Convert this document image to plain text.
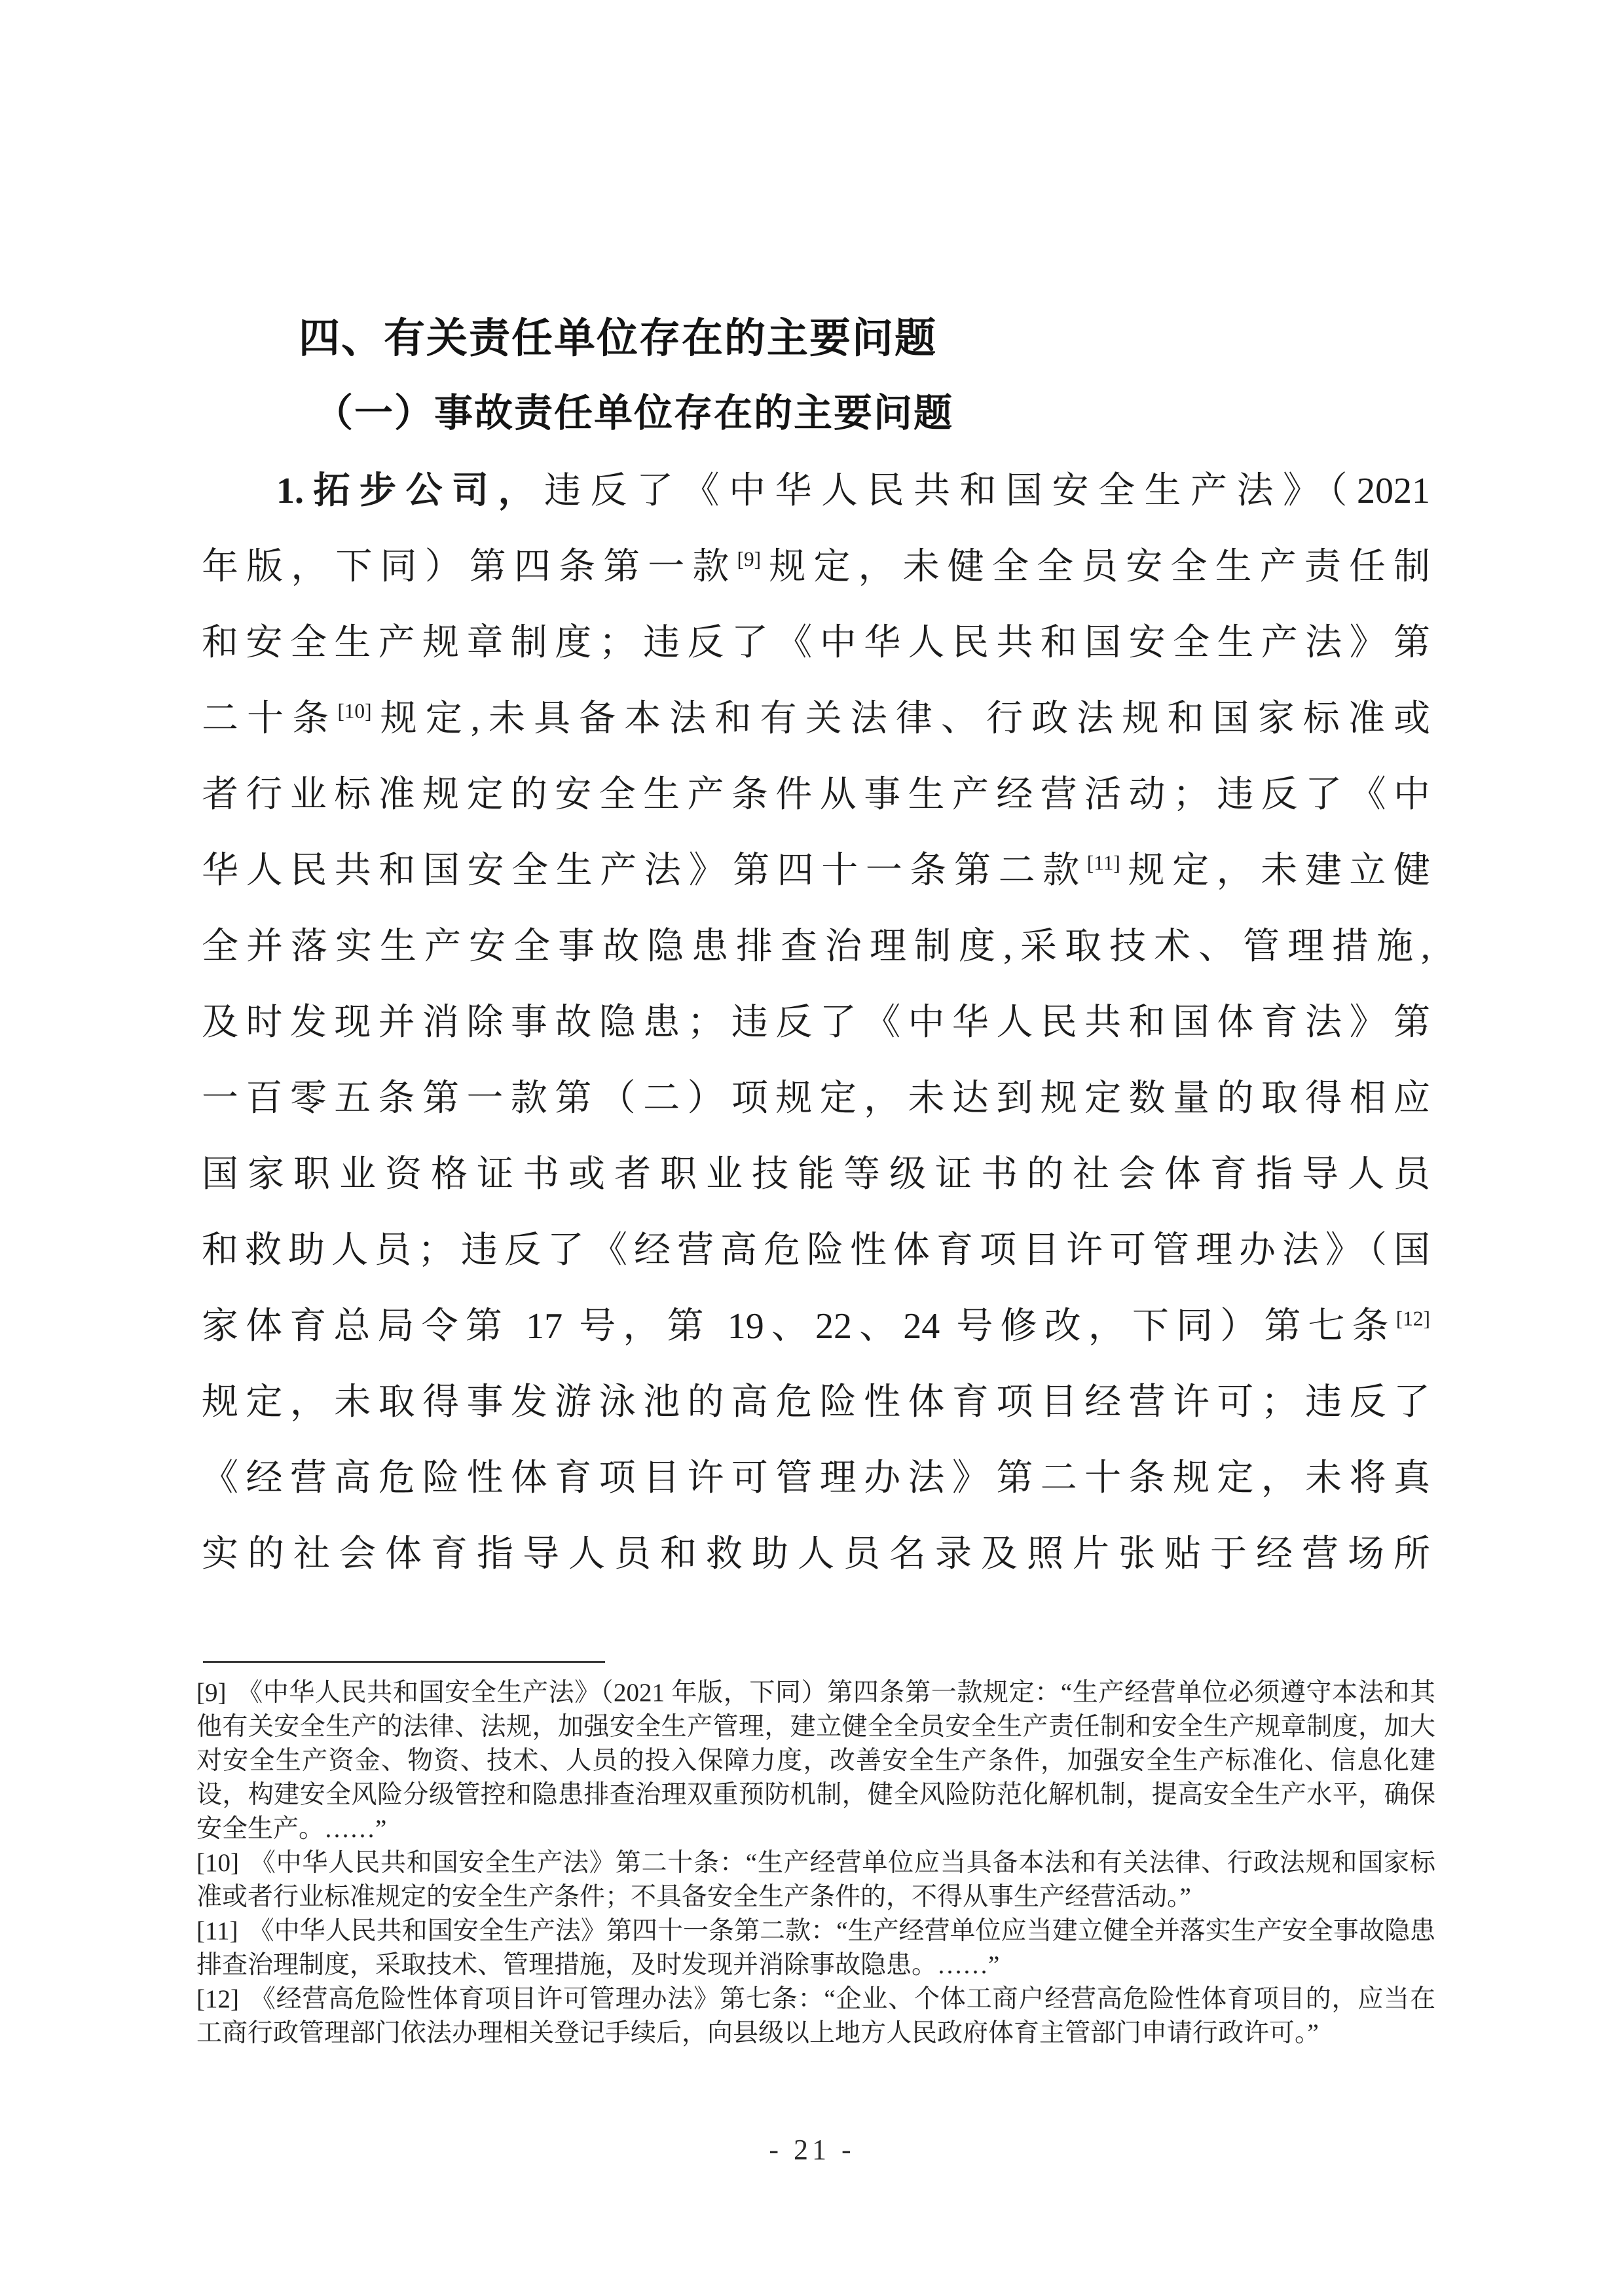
四、有关责任单位存在的主要问题
（一）事故责任单位存在的主要问题
1.拓步公司，违反了《中华人民共和国安全生产法》（2021
年版，下同）第四条第一款[9]规定，未健全全员安全生产责任制
和安全生产规章制度；违反了《中华人民共和国安全生产法》第
二十条[10]规定,未具备本法和有关法律、行政法规和国家标准或
者行业标准规定的安全生产条件从事生产经营活动；违反了《中
华人民共和国安全生产法》第四十一条第二款[11]规定，未建立健
全并落实生产安全事故隐患排查治理制度,采取技术、管理措施,
及时发现并消除事故隐患；违反了《中华人民共和国体育法》第
一百零五条第一款第（二）项规定，未达到规定数量的取得相应
国家职业资格证书或者职业技能等级证书的社会体育指导人员
和救助人员；违反了《经营高危险性体育项目许可管理办法》（国
家体育总局令第 17 号，第 19、22、24 号修改，下同）第七条[12]
规定，未取得事发游泳池的高危险性体育项目经营许可；违反了
《经营高危险性体育项目许可管理办法》第二十条规定，未将真
实的社会体育指导人员和救助人员名录及照片张贴于经营场所

[9] 《中华人民共和国安全生产法》（2021 年版，下同）第四条第一款规定：“生产经营单位必须遵守本法和其他有关安全生产的法律、法规，加强安全生产管理，建立健全全员安全生产责任制和安全生产规章制度，加大对安全生产资金、物资、技术、人员的投入保障力度，改善安全生产条件，加强安全生产标准化、信息化建设，构建安全风险分级管控和隐患排查治理双重预防机制，健全风险防范化解机制，提高安全生产水平，确保安全生产。……”

[10] 《中华人民共和国安全生产法》第二十条：“生产经营单位应当具备本法和有关法律、行政法规和国家标准或者行业标准规定的安全生产条件；不具备安全生产条件的，不得从事生产经营活动。”

[11] 《中华人民共和国安全生产法》第四十一条第二款：“生产经营单位应当建立健全并落实生产安全事故隐患排查治理制度，采取技术、管理措施，及时发现并消除事故隐患。……”

[12] 《经营高危险性体育项目许可管理办法》第七条：“企业、个体工商户经营高危险性体育项目的，应当在工商行政管理部门依法办理相关登记手续后，向县级以上地方人民政府体育主管部门申请行政许可。”

- 21 -
